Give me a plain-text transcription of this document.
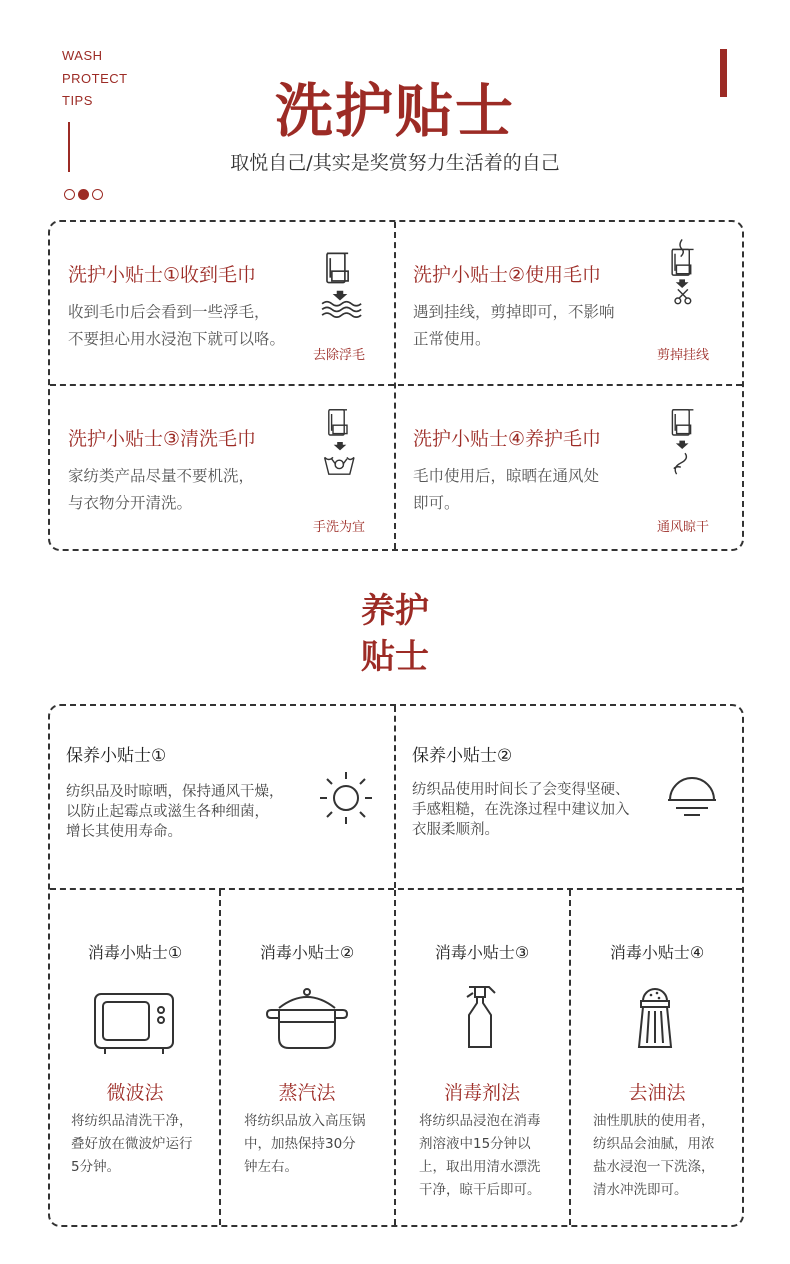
WASH
PROTECT
TIPS	洗护贴士
取悦自己/其实是奖赏努力生活着的自己
洗护小贴士①收到毛巾
收到毛巾后会看到一些浮毛，
不要担心用水浸泡下就可以咯。
去除浮毛
洗护小贴士②使用毛巾
遇到挂线，剪掉即可，不影响
正常使用。
剪掉挂线
洗护小贴士③清洗毛巾
家纺类产品尽量不要机洗，
与衣物分开清洗。
手洗为宜
洗护小贴士④养护毛巾
毛巾使用后，晾晒在通风处
即可。
通风晾干
养护
贴士
保养小贴士①
纺织品及时晾晒，保持通风干燥，
以防止起霉点或滋生各种细菌，
增长其使用寿命。
保养小贴士②
纺织品使用时间长了会变得坚硬、
手感粗糙，在洗涤过程中建议加入
衣服柔顺剂。
消毒小贴士①	消毒小贴士②	消毒小贴士③	消毒小贴士④
微波法	蒸汽法	消毒剂法	去油法
将纺织品清洗干净，
叠好放在微波炉运行
5分钟。
将纺织品放入高压锅
中，加热保持30分
钟左右。
将纺织品浸泡在消毒
剂溶液中15分钟以
上，取出用清水漂洗
干净，晾干后即可。
油性肌肤的使用者，
纺织品会油腻，用浓
盐水浸泡一下洗涤，
清水冲洗即可。
